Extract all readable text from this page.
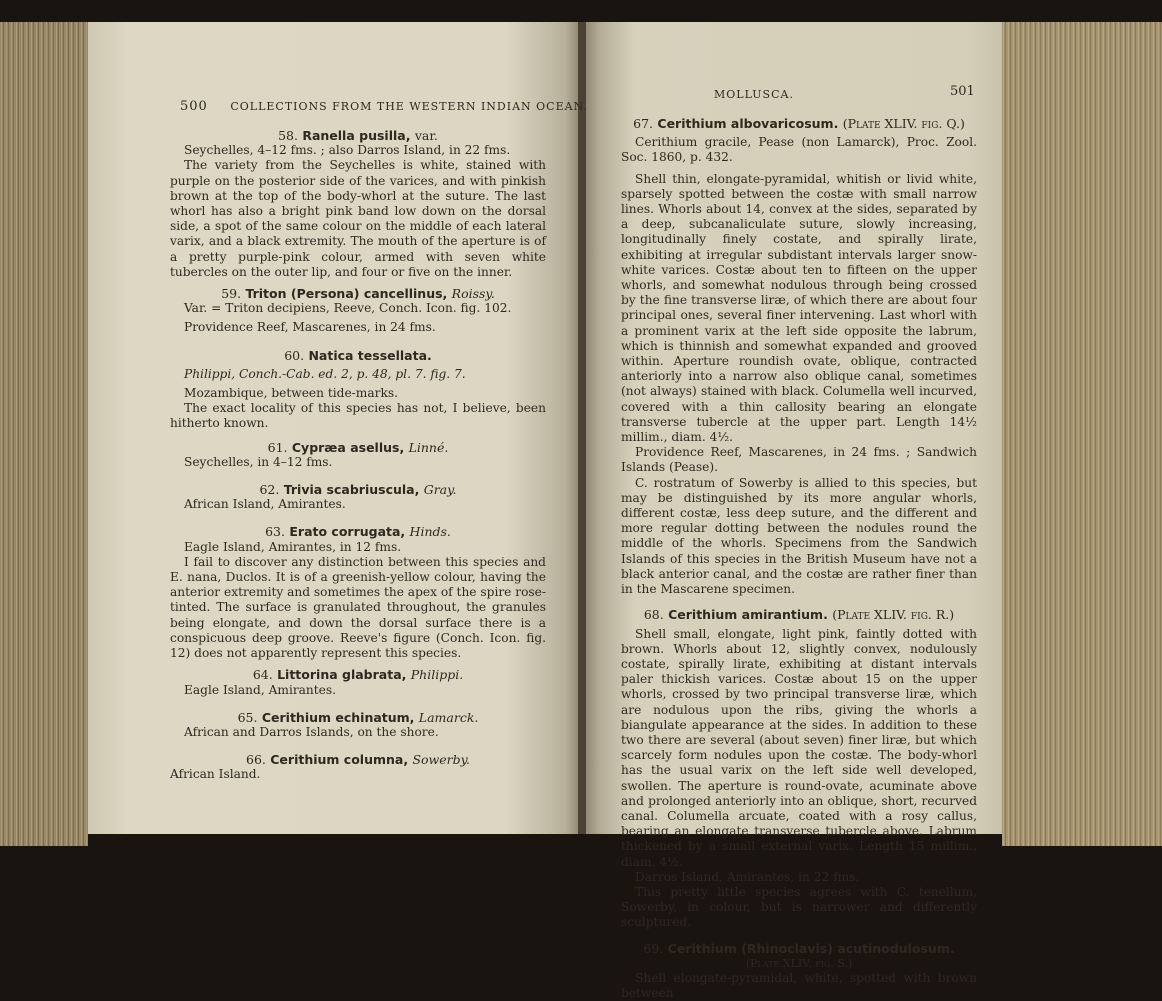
500 COLLECTIONS FROM THE WESTERN INDIAN OCEAN.
MOLLUSCA.	501

58. Ranella pusilla, var.

Seychelles, 4–12 fms. ; also Darros Island, in 22 fms.

The variety from the Seychelles is white, stained with purple on the posterior side of the varices, and with pinkish brown at the top of the body-whorl at the suture. The last whorl has also a bright pink band low down on the dorsal side, a spot of the same colour on the middle of each lateral varix, and a black extremity. The mouth of the aperture is of a pretty purple-pink colour, armed with seven white tubercles on the outer lip, and four or five on the inner.

59. Triton (Persona) cancellinus, Roissy.

Var. = Triton decipiens, Reeve, Conch. Icon. fig. 102.

Providence Reef, Mascarenes, in 24 fms.

60. Natica tessellata.

Philippi, Conch.-Cab. ed. 2, p. 48, pl. 7. fig. 7.

Mozambique, between tide-marks.

The exact locality of this species has not, I believe, been hitherto known.

61. Cypræa asellus, Linné.

Seychelles, in 4–12 fms.

62. Trivia scabriuscula, Gray.

African Island, Amirantes.

63. Erato corrugata, Hinds.

Eagle Island, Amirantes, in 12 fms.

I fail to discover any distinction between this species and E. nana, Duclos. It is of a greenish-yellow colour, having the anterior extremity and sometimes the apex of the spire rose-tinted. The surface is granulated throughout, the granules being elongate, and down the dorsal surface there is a conspicuous deep groove. Reeve's figure (Conch. Icon. fig. 12) does not apparently represent this species.

64. Littorina glabrata, Philippi.

Eagle Island, Amirantes.

65. Cerithium echinatum, Lamarck.

African and Darros Islands, on the shore.

66. Cerithium columna, Sowerby.

African Island.

67. Cerithium albovaricosum. (Plate XLIV. fig. Q.)

Cerithium gracile, Pease (non Lamarck), Proc. Zool. Soc. 1860, p. 432.

Shell thin, elongate-pyramidal, whitish or livid white, sparsely spotted between the costæ with small narrow lines. Whorls about 14, convex at the sides, separated by a deep, subcanaliculate suture, slowly increasing, longitudinally finely costate, and spirally lirate, exhibiting at irregular subdistant intervals larger snow-white varices. Costæ about ten to fifteen on the upper whorls, and somewhat nodulous through being crossed by the fine transverse liræ, of which there are about four principal ones, several finer intervening. Last whorl with a prominent varix at the left side opposite the labrum, which is thinnish and somewhat expanded and grooved within. Aperture roundish ovate, oblique, contracted anteriorly into a narrow also oblique canal, sometimes (not always) stained with black. Columella well incurved, covered with a thin callosity bearing an elongate transverse tubercle at the upper part. Length 14½ millim., diam. 4½.

Providence Reef, Mascarenes, in 24 fms. ; Sandwich Islands (Pease).

C. rostratum of Sowerby is allied to this species, but may be distinguished by its more angular whorls, different costæ, less deep suture, and the different and more regular dotting between the nodules round the middle of the whorls. Specimens from the Sandwich Islands of this species in the British Museum have not a black anterior canal, and the costæ are rather finer than in the Mascarene specimen.

68. Cerithium amirantium. (Plate XLIV. fig. R.)

Shell small, elongate, light pink, faintly dotted with brown. Whorls about 12, slightly convex, nodulously costate, spirally lirate, exhibiting at distant intervals paler thickish varices. Costæ about 15 on the upper whorls, crossed by two principal transverse liræ, which are nodulous upon the ribs, giving the whorls a biangulate appearance at the sides. In addition to these two there are several (about seven) finer liræ, but which scarcely form nodules upon the costæ. The body-whorl has the usual varix on the left side well developed, swollen. The aperture is round-ovate, acuminate above and prolonged anteriorly into an oblique, short, recurved canal. Columella arcuate, coated with a rosy callus, bearing an elongate transverse tubercle above. Labrum thickened by a small external varix. Length 15 millim., diam. 4½.

Darros Island, Amirantes, in 22 fms.

This pretty little species agrees with C. tenellum, Sowerby, in colour, but is narrower and differently sculptured.

69. Cerithium (Rhinoclavis) acutinodulosum.

(Plate XLIV. fig. S.)

Shell elongate-pyramidal, white, spotted with brown between
